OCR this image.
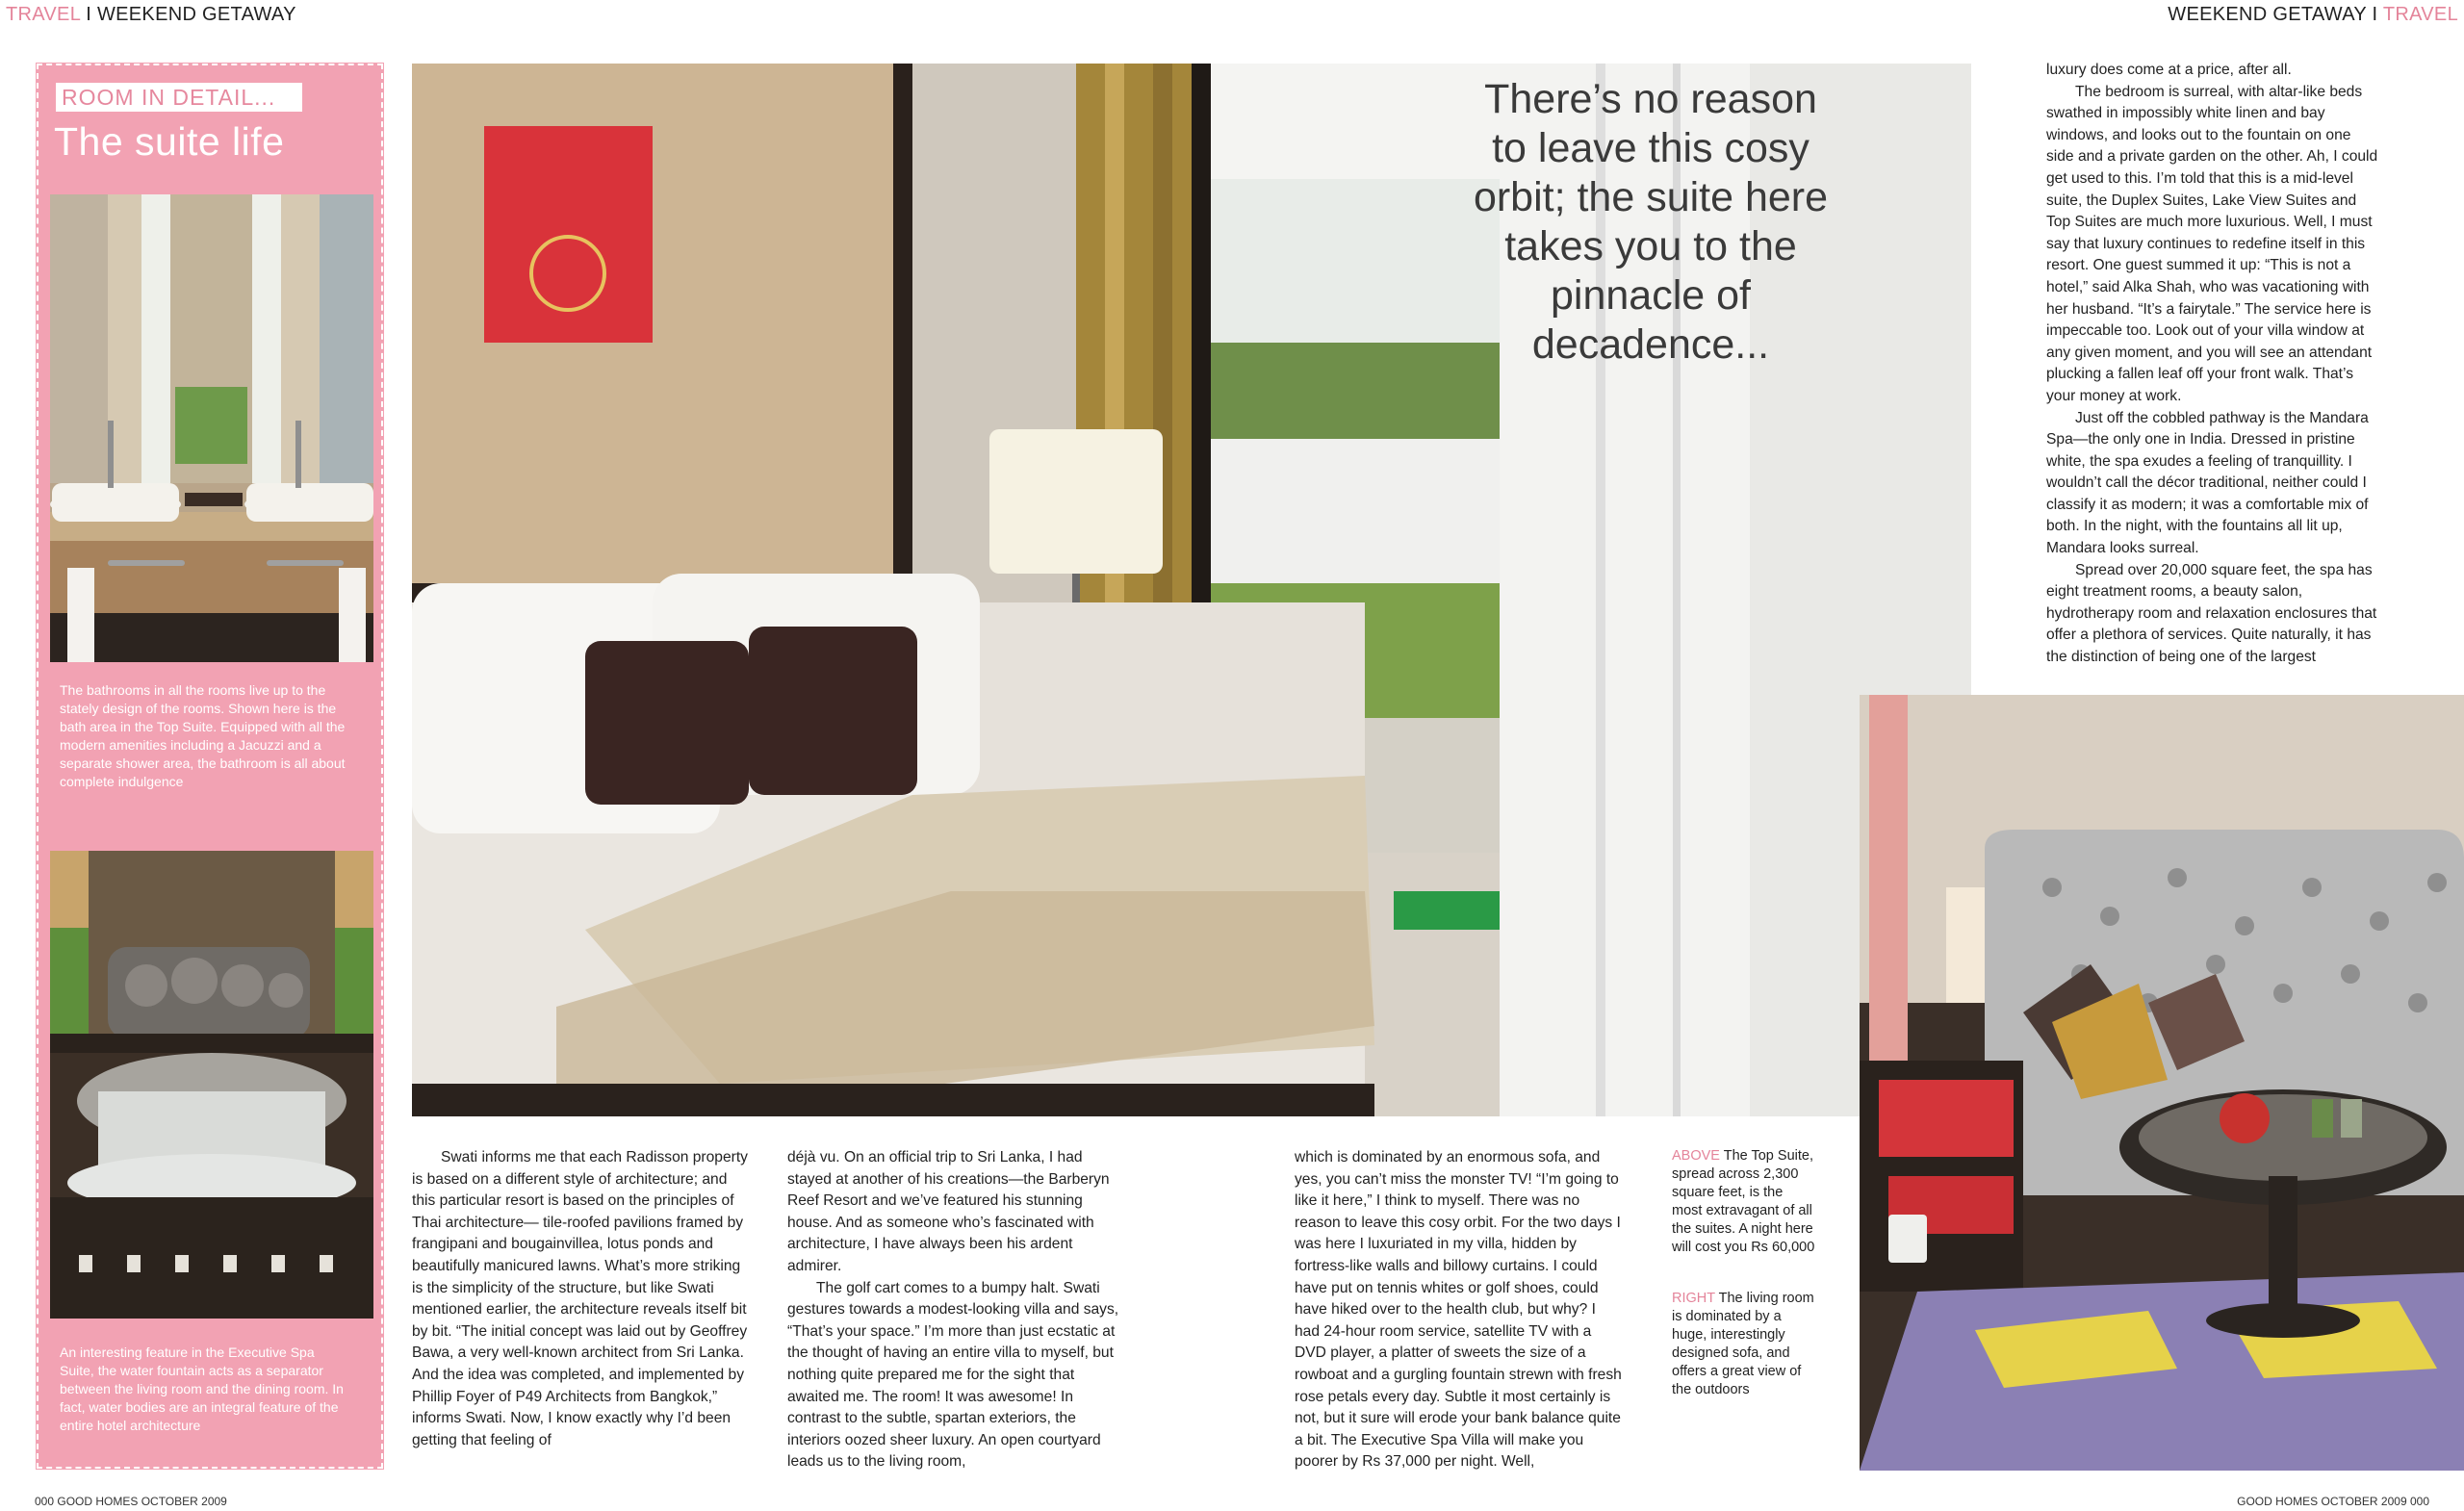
TRAVEL I WEEKEND GETAWAY	WEEKEND GETAWAY I TRAVEL
ROOM IN DETAIL...
The suite life
The bathrooms in all the rooms live up to the stately design of the rooms. Shown here is the bath area in the Top Suite. Equipped with all the modern amenities including a Jacuzzi and a separate shower area, the bathroom is all about complete indulgence
An interesting feature in the Executive Spa Suite, the water fountain acts as a separator between the living room and the dining room. In fact, water bodies are an integral feature of the entire hotel architecture
There’s no reason to leave this cosy orbit; the suite here takes you to the pinnacle of decadence...

Swati informs me that each Radisson property is based on a different style of architecture; and this particular resort is based on the principles of Thai architecture— tile-roofed pavilions framed by frangipani and bougainvillea, lotus ponds and beautifully manicured lawns. What’s more striking is the simplicity of the structure, but like Swati mentioned earlier, the architecture reveals itself bit by bit. “The initial concept was laid out by Geoffrey Bawa, a very well-known architect from Sri Lanka. And the idea was completed, and implemented by Phillip Foyer of P49 Architects from Bangkok,” informs Swati. Now, I know exactly why I’d been getting that feeling of

déjà vu. On an official trip to Sri Lanka, I had stayed at another of his creations—the Barberyn Reef Resort and we’ve featured his stunning house. And as someone who’s fascinated with architecture, I have always been his ardent admirer.

The golf cart comes to a bumpy halt. Swati gestures towards a modest-looking villa and says, “That’s your space.” I’m more than just ecstatic at the thought of having an entire villa to myself, but nothing quite prepared me for the sight that awaited me. The room! It was awesome! In contrast to the subtle, spartan exteriors, the interiors oozed sheer luxury. An open courtyard leads us to the living room,

which is dominated by an enormous sofa, and yes, you can’t miss the monster TV! “I’m going to like it here,” I think to myself. There was no reason to leave this cosy orbit. For the two days I was here I luxuriated in my villa, hidden by fortress-like walls and billowy curtains. I could have put on tennis whites or golf shoes, could have hiked over to the health club, but why? I had 24-hour room service, satellite TV with a DVD player, a platter of sweets the size of a rowboat and a gurgling fountain strewn with fresh rose petals every day. Subtle it most certainly is not, but it sure will erode your bank balance quite a bit. The Executive Spa Villa will make you poorer by Rs 37,000 per night. Well,

ABOVE The Top Suite, spread across 2,300 square feet, is the most extravagant of all the suites. A night here will cost you Rs 60,000
RIGHT The living room is dominated by a huge, interestingly designed sofa, and offers a great view of the outdoors

luxury does come at a price, after all.

The bedroom is surreal, with altar-like beds swathed in impossibly white linen and bay windows, and looks out to the fountain on one side and a private garden on the other. Ah, I could get used to this. I’m told that this is a mid-level suite, the Duplex Suites, Lake View Suites and Top Suites are much more luxurious. Well, I must say that luxury continues to redefine itself in this resort. One guest summed it up: “This is not a hotel,” said Alka Shah, who was vacationing with her husband. “It’s a fairytale.” The service here is impeccable too. Look out of your villa window at any given moment, and you will see an attendant plucking a fallen leaf off your front walk. That’s your money at work.

Just off the cobbled pathway is the Mandara Spa—the only one in India. Dressed in pristine white, the spa exudes a feeling of tranquillity. I wouldn’t call the décor traditional, neither could I classify it as modern; it was a comfortable mix of both. In the night, with the fountains all lit up, Mandara looks surreal.

Spread over 20,000 square feet, the spa has eight treatment rooms, a beauty salon, hydrotherapy room and relaxation enclosures that offer a plethora of services. Quite naturally, it has the distinction of being one of the largest

000 GOOD HOMES OCTOBER 2009	GOOD HOMES OCTOBER 2009 000
